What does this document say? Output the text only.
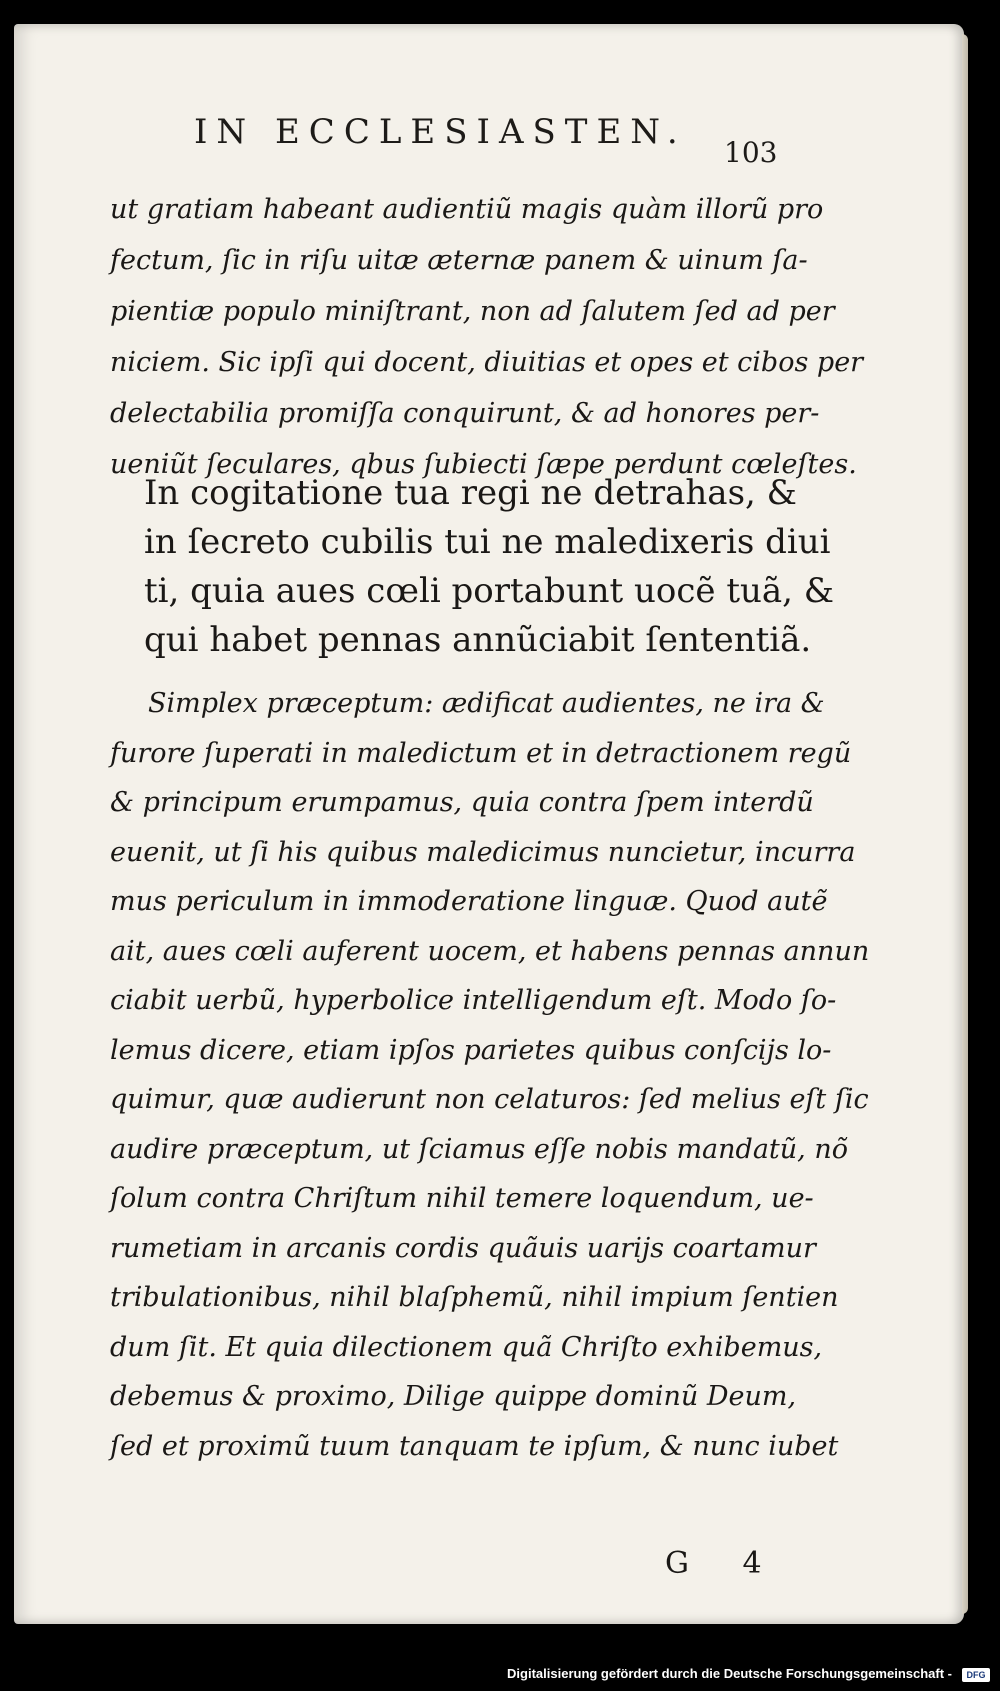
IN ECCLESIASTEN.
103
ut gratiam habeant audientiũ magis quàm illorũ pro
fectum, ſic in riſu uitæ æternæ panem & uinum ſa-
pientiæ populo miniſtrant, non ad ſalutem ſed ad per
niciem. Sic ipſi qui docent, diuitias et opes et cibos per
delectabilia promiſſa conquirunt, & ad honores per-
ueniũt ſeculares, qbus ſubiecti ſæpe perdunt cœleſtes.
In cogitatione tua regi ne detrahas, &
in ſecreto cubilis tui ne maledixeris diui
ti, quia aues cœli portabunt uocẽ tuã, &
qui habet pennas annũciabit ſententiã.
Simplex præceptum: ædificat audientes, ne ira &
furore ſuperati in maledictum et in detractionem regũ
& principum erumpamus, quia contra ſpem interdũ
euenit, ut ſi his quibus maledicimus nuncietur, incurra
mus periculum in immoderatione linguæ. Quod autẽ
ait, aues cœli auferent uocem, et habens pennas annun
ciabit uerbũ, hyperbolice intelligendum eſt. Modo ſo-
lemus dicere, etiam ipſos parietes quibus conſcijs lo-
quimur, quæ audierunt non celaturos: ſed melius eſt ſic
audire præceptum, ut ſciamus eſſe nobis mandatũ, nõ
ſolum contra Chriſtum nihil temere loquendum, ue-
rumetiam in arcanis cordis quãuis uarijs coartamur
tribulationibus, nihil blaſphemũ, nihil impium ſentien
dum ſit. Et quia dilectionem quã Chriſto exhibemus,
debemus & proximo, Dilige quippe dominũ Deum,
ſed et proximũ tuum tanquam te ipſum, & nunc iubet
G 4
Digitalisierung gefördert durch die Deutsche Forschungsgemeinschaft -	DFG
